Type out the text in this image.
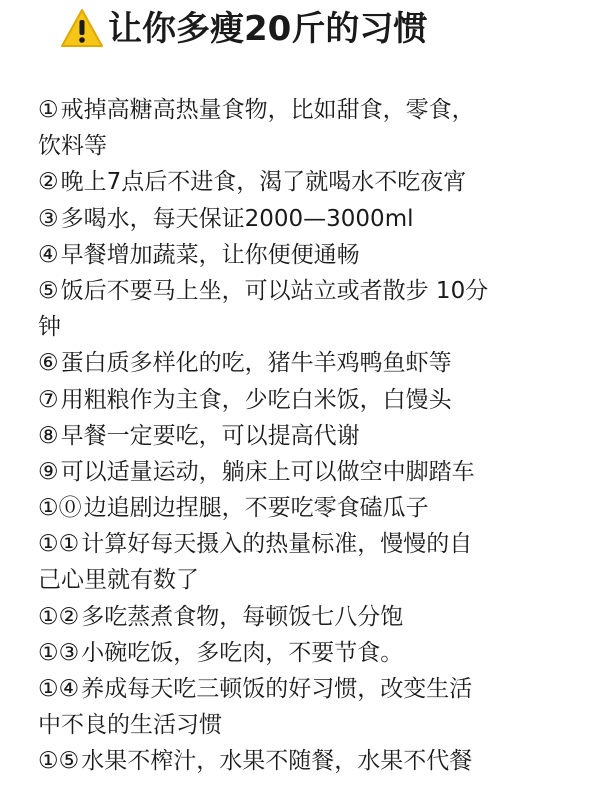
让你多瘦20斤的习惯
①戒掉高糖高热量食物，比如甜食，零食，
饮料等
②晚上7点后不进食，渴了就喝水不吃夜宵
③多喝水，每天保证2000—3000ml
④早餐增加蔬菜，让你便便通畅
⑤饭后不要马上坐，可以站立或者散步 10分
钟
⑥蛋白质多样化的吃，猪牛羊鸡鸭鱼虾等
⑦用粗粮作为主食，少吃白米饭，白馒头
⑧早餐一定要吃，可以提高代谢
⑨可以适量运动，躺床上可以做空中脚踏车
①⓪边追剧边捏腿，不要吃零食磕瓜子
①①计算好每天摄入的热量标准，慢慢的自
己心里就有数了
①②多吃蒸煮食物，每顿饭七八分饱
①③小碗吃饭，多吃肉，不要节食。
①④养成每天吃三顿饭的好习惯，改变生活
中不良的生活习惯
①⑤水果不榨汁，水果不随餐，水果不代餐
